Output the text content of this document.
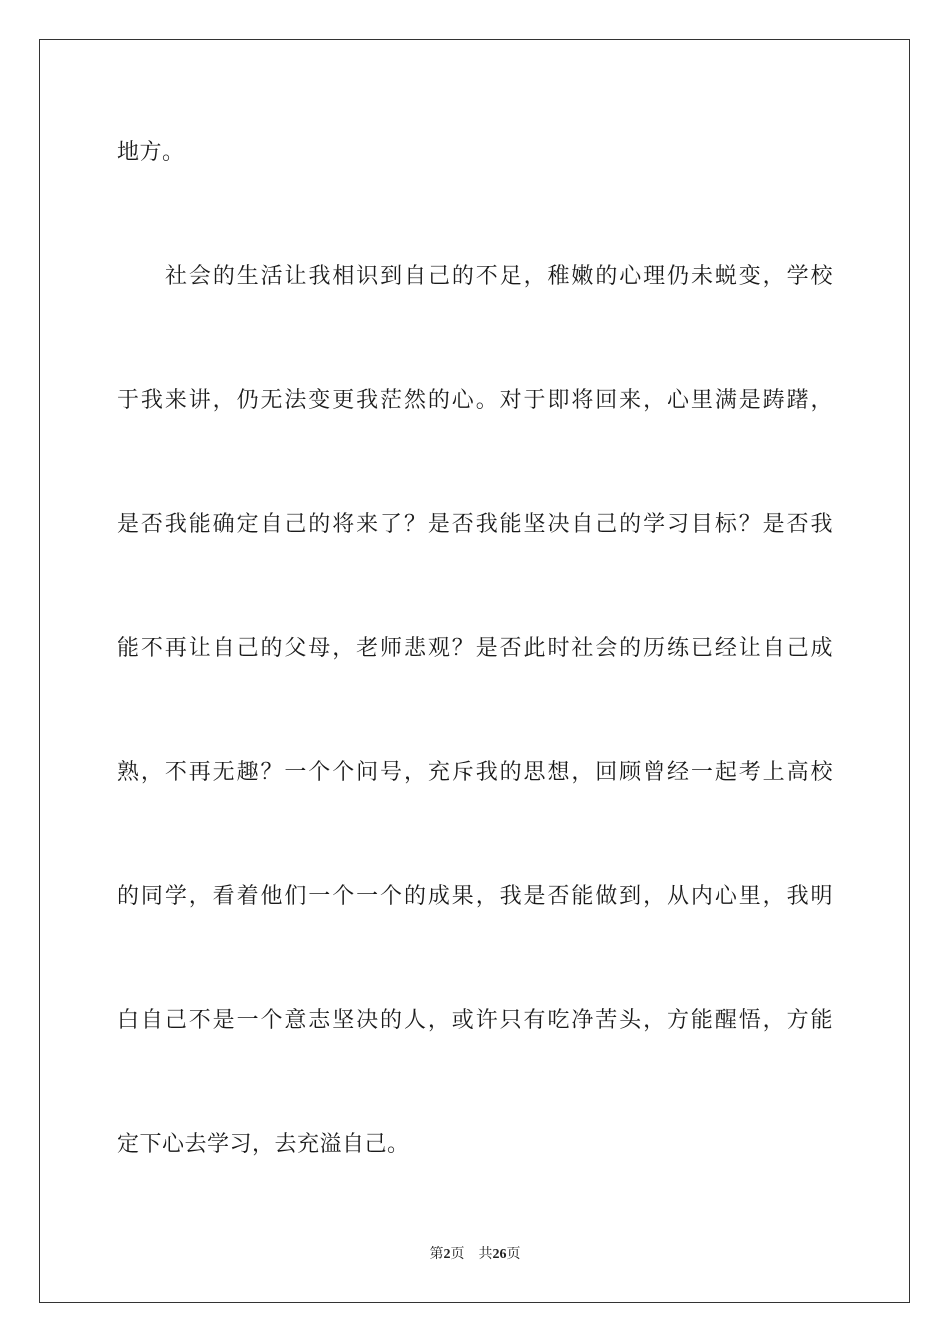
地方。
社会的生活让我相识到自己的不足，稚嫩的心理仍未蜕变，学校
于我来讲，仍无法变更我茫然的心。对于即将回来，心里满是踌躇，
是否我能确定自己的将来了？是否我能坚决自己的学习目标？是否我
能不再让自己的父母，老师悲观？是否此时社会的历练已经让自己成
熟，不再无趣？一个个问号，充斥我的思想，回顾曾经一起考上高校
的同学，看着他们一个一个的成果，我是否能做到，从内心里，我明
白自己不是一个意志坚决的人，或许只有吃净苦头，方能醒悟，方能
定下心去学习，去充溢自己。
第2页 共26页
